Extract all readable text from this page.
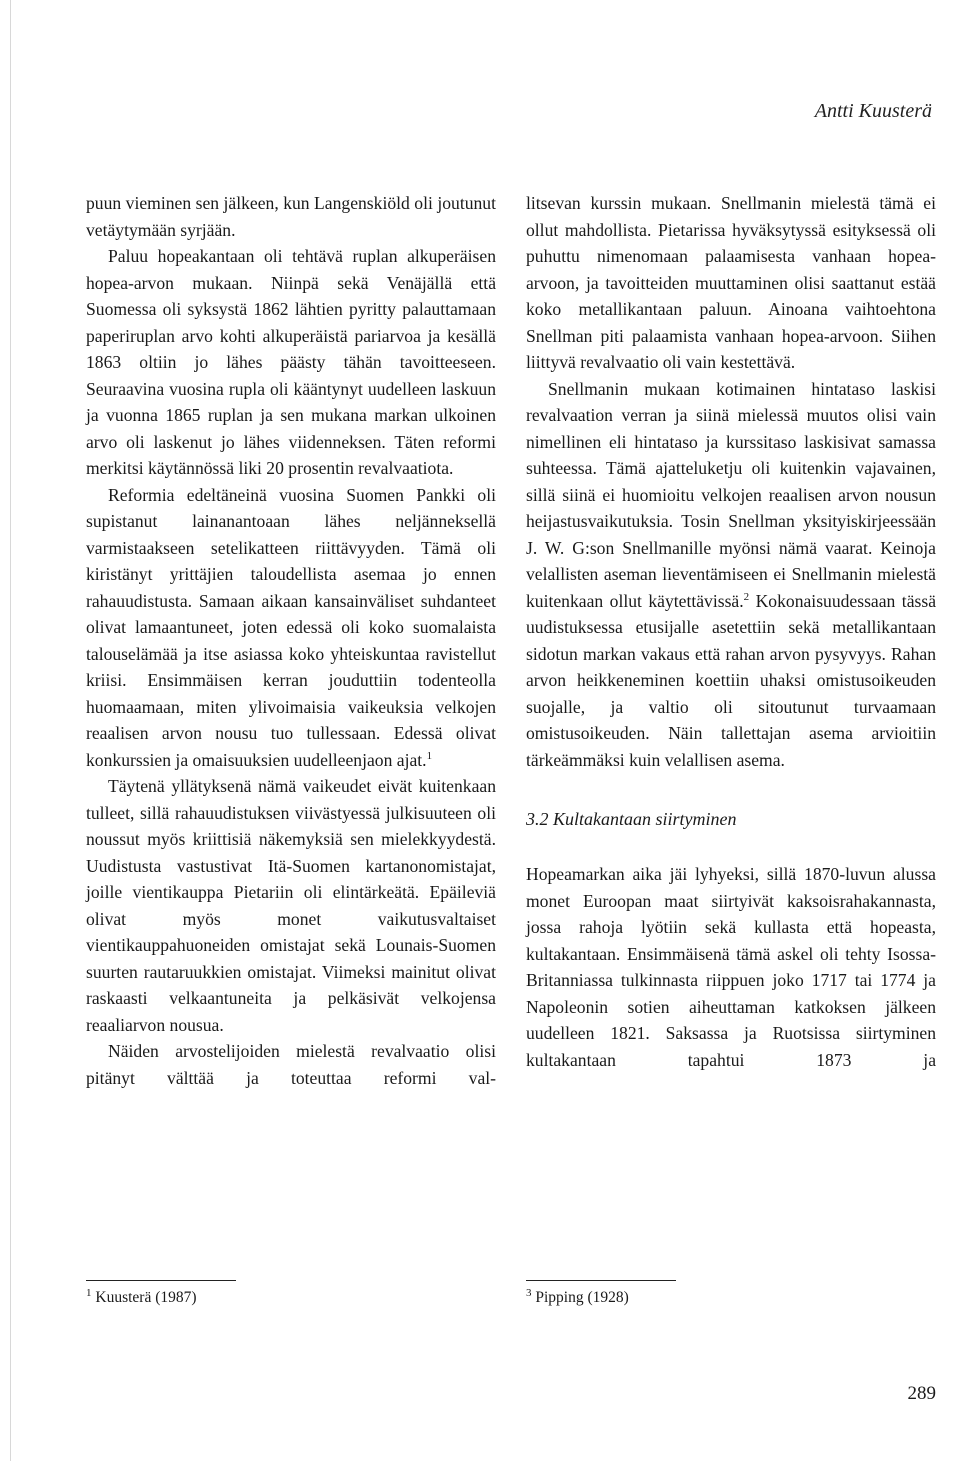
Antti Kuusterä

puun vieminen sen jälkeen, kun Langenskiöld oli joutunut vetäytymään syrjään.

Paluu hopeakantaan oli tehtävä ruplan alkuperäisen hopea-arvon mukaan. Niinpä sekä Venäjällä että Suomessa oli syksystä 1862 lähtien pyritty palauttamaan paperiruplan arvo kohti alkuperäistä pariarvoa ja kesällä 1863 oltiin jo lähes päästy tähän tavoitteeseen. Seuraavina vuosina rupla oli kääntynyt uudelleen laskuun ja vuonna 1865 ruplan ja sen mukana markan ulkoinen arvo oli laskenut jo lähes viidenneksen. Täten reformi merkitsi käytännössä liki 20 prosentin revalvaatiota.

Reformia edeltäneinä vuosina Suomen Pankki oli supistanut lainanantoaan lähes neljänneksellä varmistaakseen setelikatteen riittävyyden. Tämä oli kiristänyt yrittäjien taloudellista asemaa jo ennen rahauudistusta. Samaan aikaan kansainväliset suhdanteet olivat lamaantuneet, joten edessä oli koko suomalaista talouselämää ja itse asiassa koko yhteiskuntaa ravistellut kriisi. Ensimmäisen kerran jouduttiin todenteolla huomaamaan, miten ylivoimaisia vaikeuksia velkojen reaalisen arvon nousu tuo tullessaan. Edessä olivat konkurssien ja omaisuuksien uudelleenjaon ajat.$^1$

Täytenä yllätyksenä nämä vaikeudet eivät kuitenkaan tulleet, sillä rahauudistuksen viivästyessä julkisuuteen oli noussut myös kriittisiä näkemyksiä sen mielekkyydestä. Uudistusta vastustivat Itä-Suomen kartanonomistajat, joille vientikauppa Pietariin oli elintärkeätä. Epäileviä olivat myös monet vaikutusvaltaiset vientikauppahuoneiden omistajat sekä Lounais-Suomen suurten rautaruukkien omistajat. Viimeksi mainitut olivat raskaasti velkaantuneita ja pelkäsivät velkojensa reaaliarvon nousua.

Näiden arvostelijoiden mielestä revalvaatio olisi pitänyt välttää ja toteuttaa reformi val-

litsevan kurssin mukaan. Snellmanin mielestä tämä ei ollut mahdollista. Pietarissa hyväksytyssä esityksessä oli puhuttu nimenomaan palaamisesta vanhaan hopea-arvoon, ja tavoitteiden muuttaminen olisi saattanut estää koko metallikantaan paluun. Ainoana vaihtoehtona Snellman piti palaamista vanhaan hopea-arvoon. Siihen liittyvä revalvaatio oli vain kestettävä.

Snellmanin mukaan kotimainen hintataso laskisi revalvaation verran ja siinä mielessä muutos olisi vain nimellinen eli hintataso ja kurssitaso laskisivat samassa suhteessa. Tämä ajatteluketju oli kuitenkin vajavainen, sillä siinä ei huomioitu velkojen reaalisen arvon nousun heijastusvaikutuksia. Tosin Snellman yksityiskirjeessään J. W. G:son Snellmanille myönsi nämä vaarat. Keinoja velallisten aseman lieventämiseen ei Snellmanin mielestä kuitenkaan ollut käytettävissä.$^2$ Kokonaisuudessaan tässä uudistuksessa etusijalle asetettiin sekä metallikantaan sidotun markan vakaus että rahan arvon pysyvyys. Rahan arvon heikkeneminen koettiin uhaksi omistusoikeuden suojalle, ja valtio oli sitoutunut turvaamaan omistusoikeuden. Näin tallettajan asema arvioitiin tärkeämmäksi kuin velallisen asema.

3.2 Kultakantaan siirtyminen

Hopeamarkan aika jäi lyhyeksi, sillä 1870-luvun alussa monet Euroopan maat siirtyivät kaksoisrahakannasta, jossa rahoja lyötiin sekä kullasta että hopeasta, kultakantaan. Ensimmäisenä tämä askel oli tehty Isossa-Britanniassa tulkinnasta riippuen joko 1717 tai 1774 ja Napoleonin sotien aiheuttaman katkoksen jälkeen uudelleen 1821. Saksassa ja Ruotsissa siirtyminen kultakantaan tapahtui 1873 ja

$^1$ Kuusterä (1987)	$^3$ Pipping (1928)
289
